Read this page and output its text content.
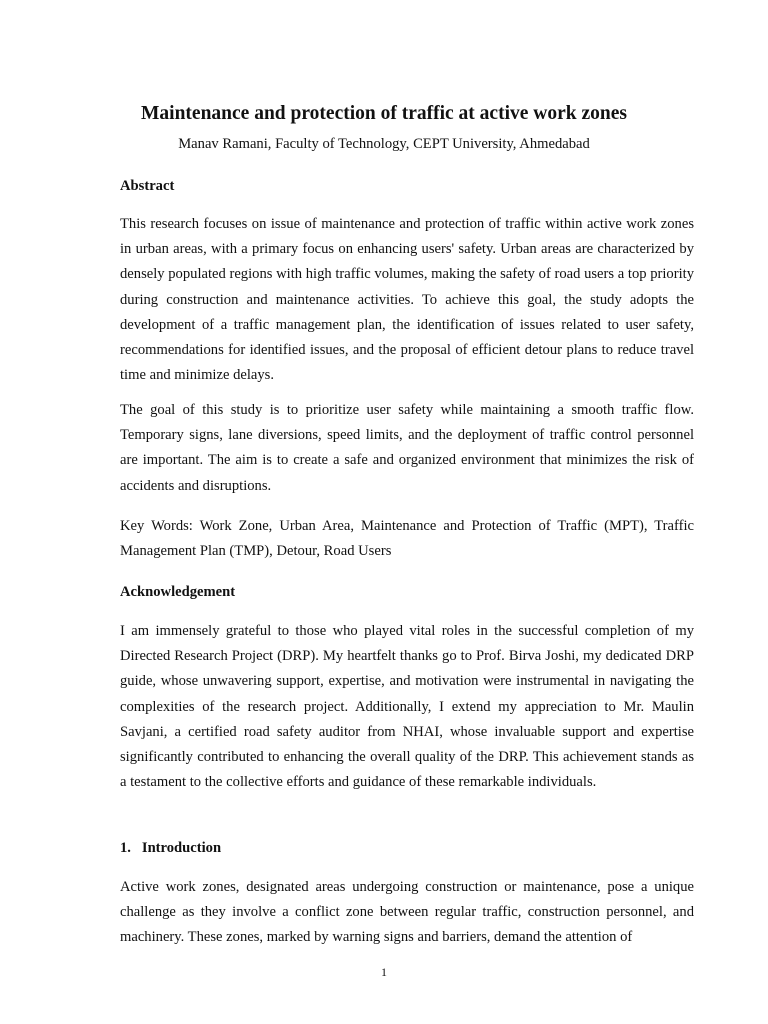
Maintenance and protection of traffic at active work zones
Manav Ramani, Faculty of Technology, CEPT University, Ahmedabad
Abstract

This research focuses on issue of maintenance and protection of traffic within active work zones in urban areas, with a primary focus on enhancing users' safety. Urban areas are characterized by densely populated regions with high traffic volumes, making the safety of road users a top priority during construction and maintenance activities. To achieve this goal, the study adopts the development of a traffic management plan, the identification of issues related to user safety, recommendations for identified issues, and the proposal of efficient detour plans to reduce travel time and minimize delays.

The goal of this study is to prioritize user safety while maintaining a smooth traffic flow. Temporary signs, lane diversions, speed limits, and the deployment of traffic control personnel are important. The aim is to create a safe and organized environment that minimizes the risk of accidents and disruptions.

Key Words: Work Zone, Urban Area, Maintenance and Protection of Traffic (MPT), Traffic Management Plan (TMP), Detour, Road Users

Acknowledgement

I am immensely grateful to those who played vital roles in the successful completion of my Directed Research Project (DRP). My heartfelt thanks go to Prof. Birva Joshi, my dedicated DRP guide, whose unwavering support, expertise, and motivation were instrumental in navigating the complexities of the research project. Additionally, I extend my appreciation to Mr. Maulin Savjani, a certified road safety auditor from NHAI, whose invaluable support and expertise significantly contributed to enhancing the overall quality of the DRP. This achievement stands as a testament to the collective efforts and guidance of these remarkable individuals.

1.   Introduction

Active work zones, designated areas undergoing construction or maintenance, pose a unique challenge as they involve a conflict zone between regular traffic, construction personnel, and machinery. These zones, marked by warning signs and barriers, demand the attention of

1
